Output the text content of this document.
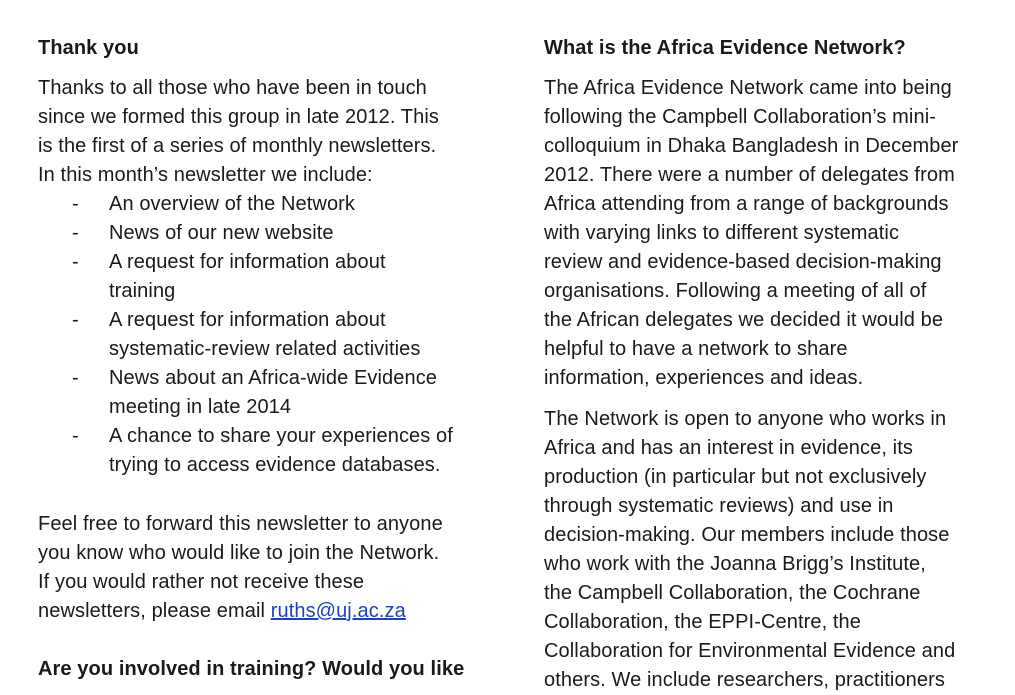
Thank you
Thanks to all those who have been in touch
since we formed this group in late 2012. This
is the first of a series of monthly newsletters.
In this month’s newsletter we include:
- An overview of the Network
- News of our new website
- A request for information about
training
- A request for information about
systematic-review related activities
- News about an Africa-wide Evidence
meeting in late 2014
- A chance to share your experiences of
trying to access evidence databases.
Feel free to forward this newsletter to anyone
you know who would like to join the Network.
If you would rather not receive these
newsletters, please email ruths@uj.ac.za
Are you involved in training? Would you like
What is the Africa Evidence Network?
The Africa Evidence Network came into being
following the Campbell Collaboration’s mini-
colloquium in Dhaka Bangladesh in December
2012. There were a number of delegates from
Africa attending from a range of backgrounds
with varying links to different systematic
review and evidence-based decision-making
organisations. Following a meeting of all of
the African delegates we decided it would be
helpful to have a network to share
information, experiences and ideas.
The Network is open to anyone who works in
Africa and has an interest in evidence, its
production (in particular but not exclusively
through systematic reviews) and use in
decision-making. Our members include those
who work with the Joanna Brigg’s Institute,
the Campbell Collaboration, the Cochrane
Collaboration, the EPPI-Centre, the
Collaboration for Environmental Evidence and
others. We include researchers, practitioners
